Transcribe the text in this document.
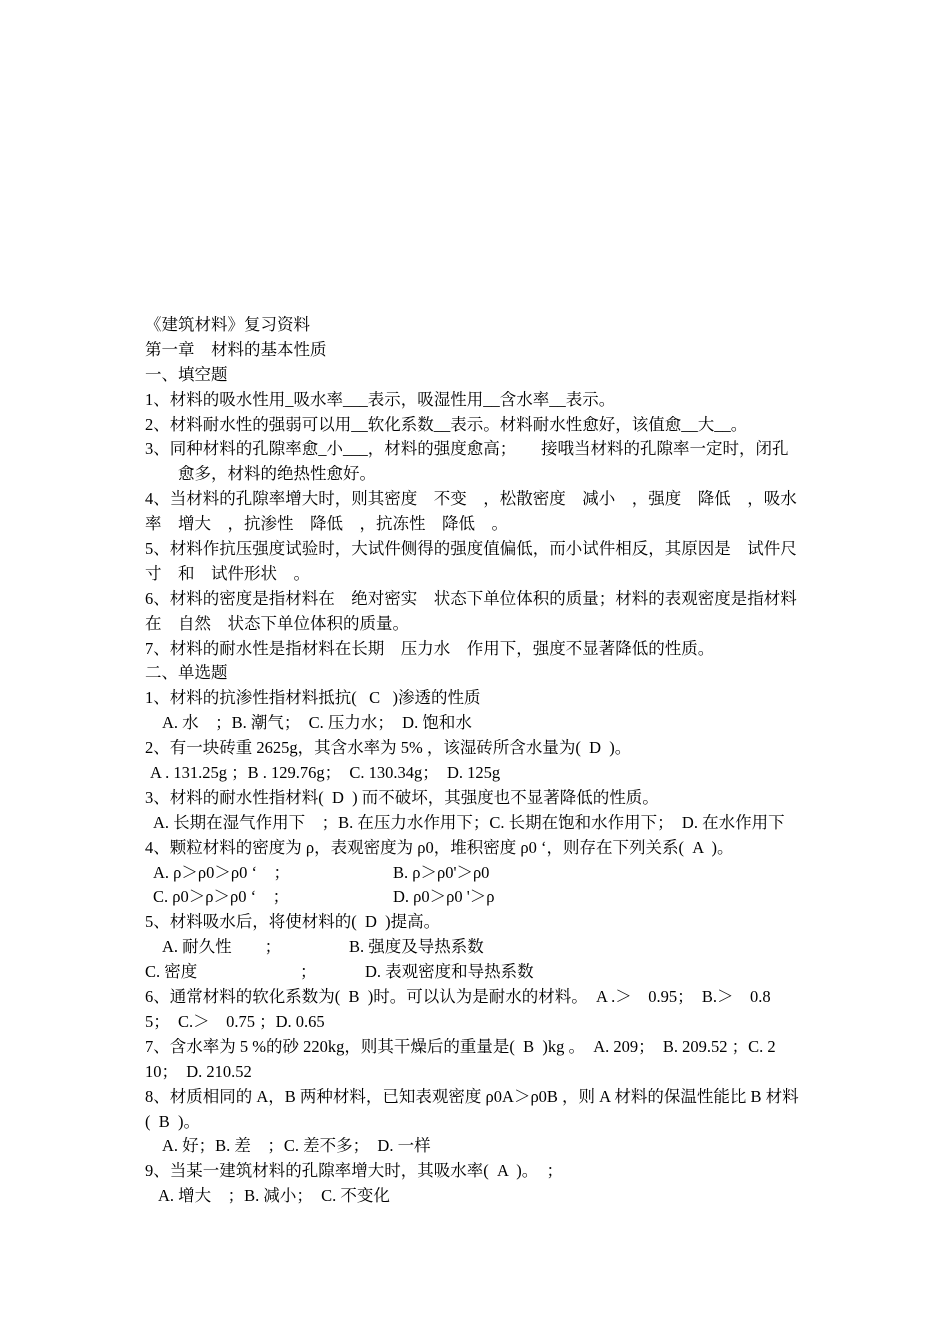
《建筑材料》复习资料
第一章　材料的基本性质
一、填空题
1、材料的吸水性用_吸水率___表示，吸湿性用__含水率__表示。
2、材料耐水性的强弱可以用__软化系数__表示。材料耐水性愈好，该值愈__大__。
3、同种材料的孔隙率愈_小___，材料的强度愈高；　　接哦当材料的孔隙率一定时，闭孔
愈多，材料的绝热性愈好。
4、当材料的孔隙率增大时，则其密度　不变　，松散密度　减小　，强度　降低　，吸水
率　增大　，抗渗性　降低　，抗冻性　降低　。
5、材料作抗压强度试验时，大试件侧得的强度值偏低，而小试件相反，其原因是　试件尺
寸　和　试件形状　。
6、材料的密度是指材料在　绝对密实　状态下单位体积的质量；材料的表观密度是指材料
在　自然　状态下单位体积的质量。
7、材料的耐水性是指材料在长期　压力水　作用下，强度不显著降低的性质。
二、单选题
1、材料的抗渗性指材料抵抗(   C   )渗透的性质
A. 水　；B. 潮气；　C. 压力水；　D. 饱和水
2、有一块砖重 2625g，其含水率为 5% ，该湿砖所含水量为(  D  )。
A . 131.25g ；B . 129.76g；　C. 130.34g；　D. 125g
3、材料的耐水性指材料(  D  ) 而不破坏，其强度也不显著降低的性质。
A. 长期在湿气作用下　；B. 在压力水作用下；C. 长期在饱和水作用下；　D. 在水作用下
4、颗粒材料的密度为 ρ，表观密度为 ρ0，堆积密度 ρ0 ‘，则存在下列关系(  A  )。

A. ρ＞ρ0＞ρ0 ‘　；

	B. ρ＞ρ0'＞ρ0

C. ρ0＞ρ＞ρ0 ‘　；

	D. ρ0＞ρ0 '＞ρ

5、材料吸水后，将使材料的(  D  )提高。

A. 耐久性　　；

	B. 强度及导热系数

C. 密度

	；

	D. 表观密度和导热系数

6、通常材料的软化系数为(  B  )时。可以认为是耐水的材料。　A .＞　0.95；　B.＞　0.8
5；　C.＞　0.75 ；D. 0.65
7、含水率为 5 %的砂 220kg，则其干燥后的重量是(  B  )kg 。　A. 209；　B. 209.52 ；C. 2
10；　D. 210.52
8、材质相同的 A，B 两种材料，已知表观密度 ρ0A＞ρ0B ，则 A 材料的保温性能比 B 材料
(  B  )。
A. 好；B. 差　；C. 差不多；　D. 一样
9、当某一建筑材料的孔隙率增大时，其吸水率(  A  )。　；
A. 增大　；B. 减小；　C. 不变化
